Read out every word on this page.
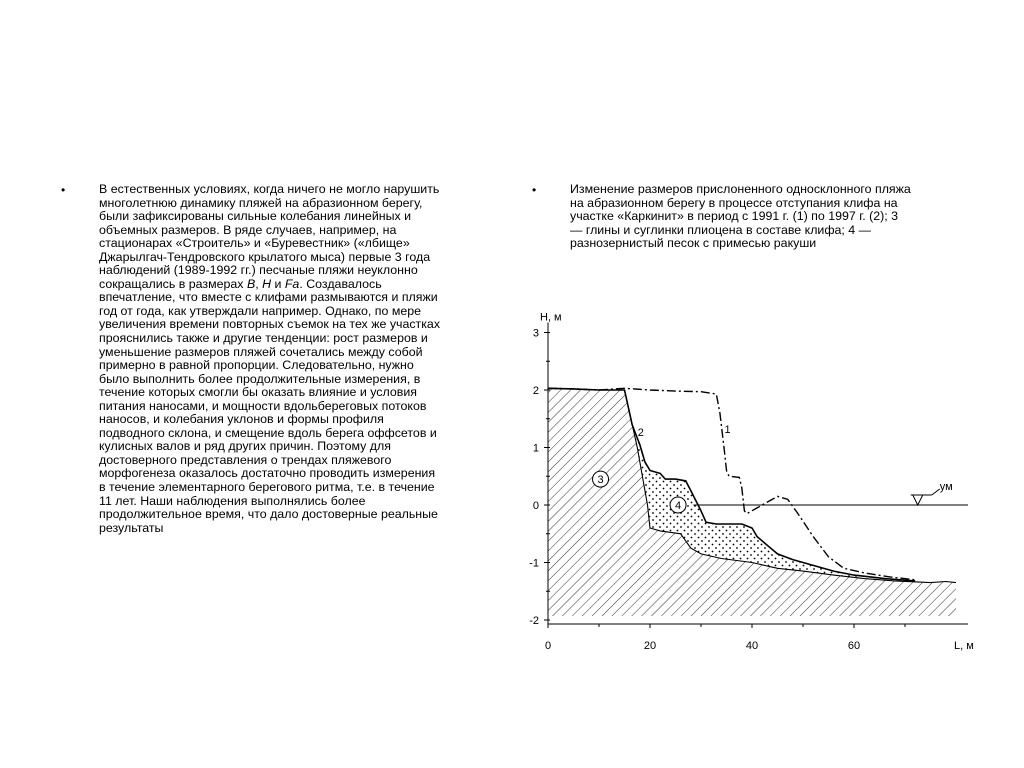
•	В естественных условиях, когда ничего не могло нарушить
многолетнюю динамику пляжей на абразионном берегу,
были зафиксированы сильные колебания линейных и
объемных размеров. В ряде случаев, например, на
стационарах «Строитель» и «Буревестник» («лбище»
Джарылгач-Тендровского крылатого мыса) первые 3 года
наблюдений (1989-1992 гг.) песчаные пляжи неуклонно
сокращались в размерах B, H и Fa. Создавалось
впечатление, что вместе с клифами размываются и пляжи
год от года, как утверждали например. Однако, по мере
увеличения времени повторных съемок на тех же участках
прояснились также и другие тенденции: рост размеров и
уменьшение размеров пляжей сочетались между собой
примерно в равной пропорции. Следовательно, нужно
было выполнить более продолжительные измерения, в
течение которых смогли бы оказать влияние и условия
питания наносами, и мощности вдольбереговых потоков
наносов, и колебания уклонов и формы профиля
подводного склона, и смещение вдоль берега оффсетов и
кулисных валов и ряд других причин. Поэтому для
достоверного представления о трендах пляжевого
морфогенеза оказалось достаточно проводить измерения
в течение элементарного берегового ритма, т.е. в течение
11 лет. Наши наблюдения выполнялись более
продолжительное время, что дало достоверные реальные
результаты
•	Изменение размеров прислоненного односклонного пляжа
на абразионном берегу в процессе отступания клифа на
участке «Каркинит» в период с 1991 г. (1) по 1997 г. (2); 3
— глины и суглинки плиоцена в составе клифа; 4 —
разнозернистый песок с примесью ракуши
3
2
1
0
-1
-2
0	20	40	60
Н, м
L, м
ум
1
2
3
4
